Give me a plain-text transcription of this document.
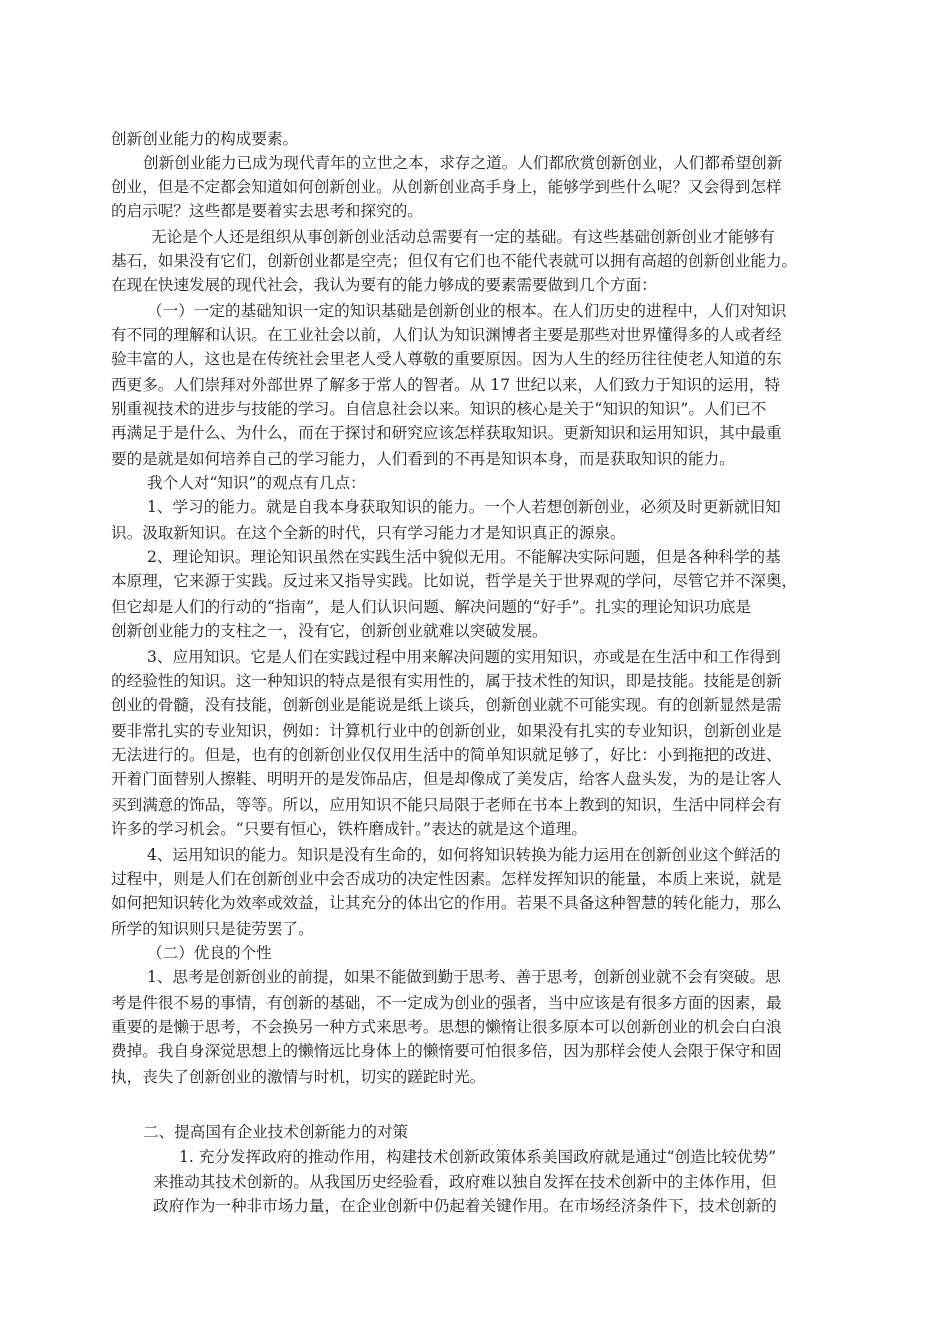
创新创业能力的构成要素。
创新创业能力已成为现代青年的立世之本，求存之道。人们都欣赏创新创业，人们都希望创新
创业，但是不定都会知道如何创新创业。从创新创业高手身上，能够学到些什么呢？又会得到怎样
的启示呢？这些都是要着实去思考和探究的。
无论是个人还是组织从事创新创业活动总需要有一定的基础。有这些基础创新创业才能够有
基石，如果没有它们，创新创业都是空壳；但仅有它们也不能代表就可以拥有高超的创新创业能力。
在现在快速发展的现代社会，我认为要有的能力够成的要素需要做到几个方面：
（一）一定的基础知识一定的知识基础是创新创业的根本。在人们历史的进程中，人们对知识
有不同的理解和认识。在工业社会以前，人们认为知识渊博者主要是那些对世界懂得多的人或者经
验丰富的人，这也是在传统社会里老人受人尊敬的重要原因。因为人生的经历往往使老人知道的东
西更多。人们崇拜对外部世界了解多于常人的智者。从 17 世纪以来，人们致力于知识的运用，特
别重视技术的进步与技能的学习。自信息社会以来。知识的核心是关于“知识的知识”。人们已不
再满足于是什么、为什么，而在于探讨和研究应该怎样获取知识。更新知识和运用知识，其中最重
要的是就是如何培养自己的学习能力，人们看到的不再是知识本身，而是获取知识的能力。
我个人对“知识”的观点有几点：
1、学习的能力。就是自我本身获取知识的能力。一个人若想创新创业，必须及时更新就旧知
识。汲取新知识。在这个全新的时代，只有学习能力才是知识真正的源泉。
2、理论知识。理论知识虽然在实践生活中貌似无用。不能解决实际问题，但是各种科学的基
本原理，它来源于实践。反过来又指导实践。比如说，哲学是关于世界观的学问，尽管它并不深奥，
但它却是人们的行动的“指南”，是人们认识问题、解决问题的“好手”。扎实的理论知识功底是
创新创业能力的支柱之一，没有它，创新创业就难以突破发展。
3、应用知识。它是人们在实践过程中用来解决问题的实用知识，亦或是在生活中和工作得到
的经验性的知识。这一种知识的特点是很有实用性的，属于技术性的知识，即是技能。技能是创新
创业的骨髓，没有技能，创新创业是能说是纸上谈兵，创新创业就不可能实现。有的创新显然是需
要非常扎实的专业知识，例如：计算机行业中的创新创业，如果没有扎实的专业知识，创新创业是
无法进行的。但是，也有的创新创业仅仅用生活中的简单知识就足够了，好比：小到拖把的改进、
开着门面替别人擦鞋、明明开的是发饰品店，但是却像成了美发店，给客人盘头发，为的是让客人
买到满意的饰品，等等。所以，应用知识不能只局限于老师在书本上教到的知识，生活中同样会有
许多的学习机会。“只要有恒心，铁杵磨成针。”表达的就是这个道理。
4、运用知识的能力。知识是没有生命的，如何将知识转换为能力运用在创新创业这个鲜活的
过程中，则是人们在创新创业中会否成功的决定性因素。怎样发挥知识的能量，本质上来说，就是
如何把知识转化为效率或效益，让其充分的体出它的作用。若果不具备这种智慧的转化能力，那么
所学的知识则只是徒劳罢了。
（二）优良的个性
1、思考是创新创业的前提，如果不能做到勤于思考、善于思考，创新创业就不会有突破。思
考是件很不易的事情，有创新的基础，不一定成为创业的强者，当中应该是有很多方面的因素，最
重要的是懒于思考，不会换另一种方式来思考。思想的懒惰让很多原本可以创新创业的机会白白浪
费掉。我自身深觉思想上的懒惰远比身体上的懒惰要可怕很多倍，因为那样会使人会限于保守和固
执，丧失了创新创业的激情与时机，切实的蹉跎时光。
二、提高国有企业技术创新能力的对策
1. 充分发挥政府的推动作用，构建技术创新政策体系美国政府就是通过“创造比较优势”
来推动其技术创新的。从我国历史经验看，政府难以独自发挥在技术创新中的主体作用，但
政府作为一种非市场力量，在企业创新中仍起着关键作用。在市场经济条件下，技术创新的
